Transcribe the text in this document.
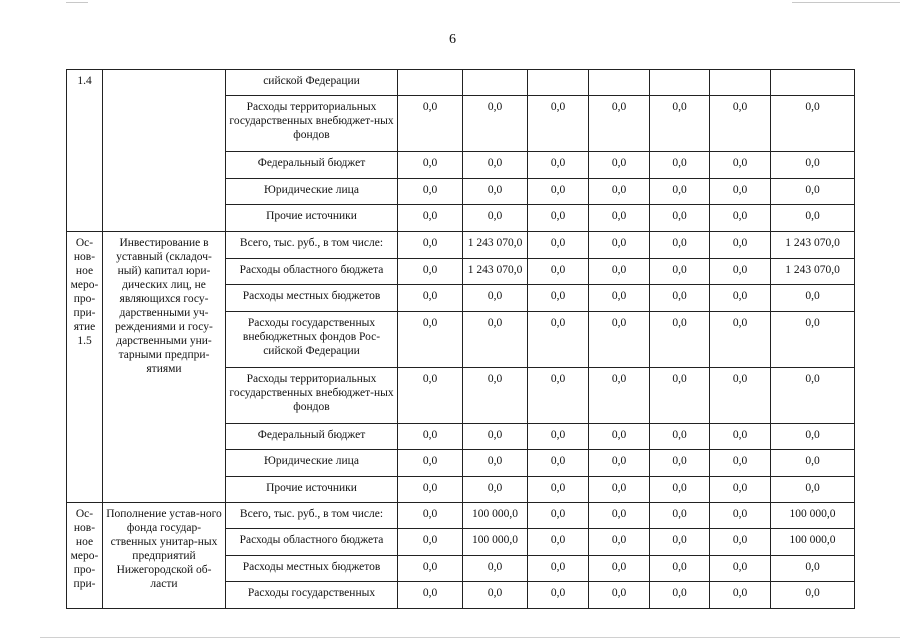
6
1.4		сийской Федерации							
		Расходы территориальных государственных внебюджет-ных фондов	0,0	0,0	0,0	0,0	0,0	0,0	0,0
		Федеральный бюджет	0,0	0,0	0,0	0,0	0,0	0,0	0,0
		Юридические лица	0,0	0,0	0,0	0,0	0,0	0,0	0,0
		Прочие источники	0,0	0,0	0,0	0,0	0,0	0,0	0,0
Ос-нов-ное меро-про-при-ятие 1.5	Инвестирование в уставный (складоч-ный) капитал юри-дических лиц, не являющихся госу-дарственными уч-реждениями и госу-дарственными уни-тарными предпри-ятиями	Всего, тыс. руб., в том числе:	0,0	1 243 070,0	0,0	0,0	0,0	0,0	1 243 070,0
		Расходы областного бюджета	0,0	1 243 070,0	0,0	0,0	0,0	0,0	1 243 070,0
		Расходы местных бюджетов	0,0	0,0	0,0	0,0	0,0	0,0	0,0
		Расходы государственных внебюджетных фондов Рос-сийской Федерации	0,0	0,0	0,0	0,0	0,0	0,0	0,0
		Расходы территориальных государственных внебюджет-ных фондов	0,0	0,0	0,0	0,0	0,0	0,0	0,0
		Федеральный бюджет	0,0	0,0	0,0	0,0	0,0	0,0	0,0
		Юридические лица	0,0	0,0	0,0	0,0	0,0	0,0	0,0
		Прочие источники	0,0	0,0	0,0	0,0	0,0	0,0	0,0
Ос-нов-ное меро-про-при-	Пополнение устав-ного фонда государ-ственных унитар-ных предприятий Нижегородской об-ласти	Всего, тыс. руб., в том числе:	0,0	100 000,0	0,0	0,0	0,0	0,0	100 000,0
		Расходы областного бюджета	0,0	100 000,0	0,0	0,0	0,0	0,0	100 000,0
		Расходы местных бюджетов	0,0	0,0	0,0	0,0	0,0	0,0	0,0
		Расходы государственных	0,0	0,0	0,0	0,0	0,0	0,0	0,0
